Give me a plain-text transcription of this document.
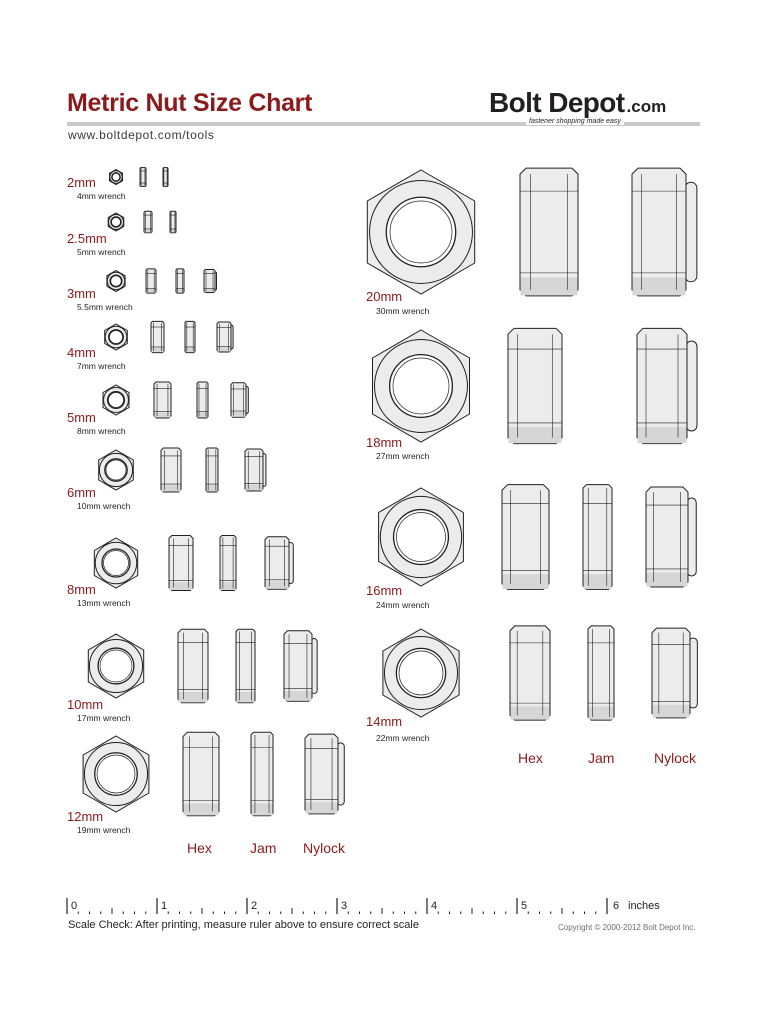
Metric Nut Size Chart
www.boltdepot.com/tools
Bolt Depot .com
fastener shopping made easy
2mm
4mm wrench
2.5mm
5mm wrench
3mm
5.5mm wrench
4mm
7mm wrench
5mm
8mm wrench
6mm
10mm wrench
8mm
13mm wrench
10mm
17mm wrench
12mm
19mm wrench
20mm
30mm wrench
18mm
27mm wrench
16mm
24mm wrench
14mm
22mm wrench
Hex	Jam Nylock
Hex	Jam	Nylock
0	1	2	3	4	5	6 inches
Scale Check: After printing, measure ruler above to ensure correct scale	Copyright © 2000-2012 Bolt Depot Inc.
